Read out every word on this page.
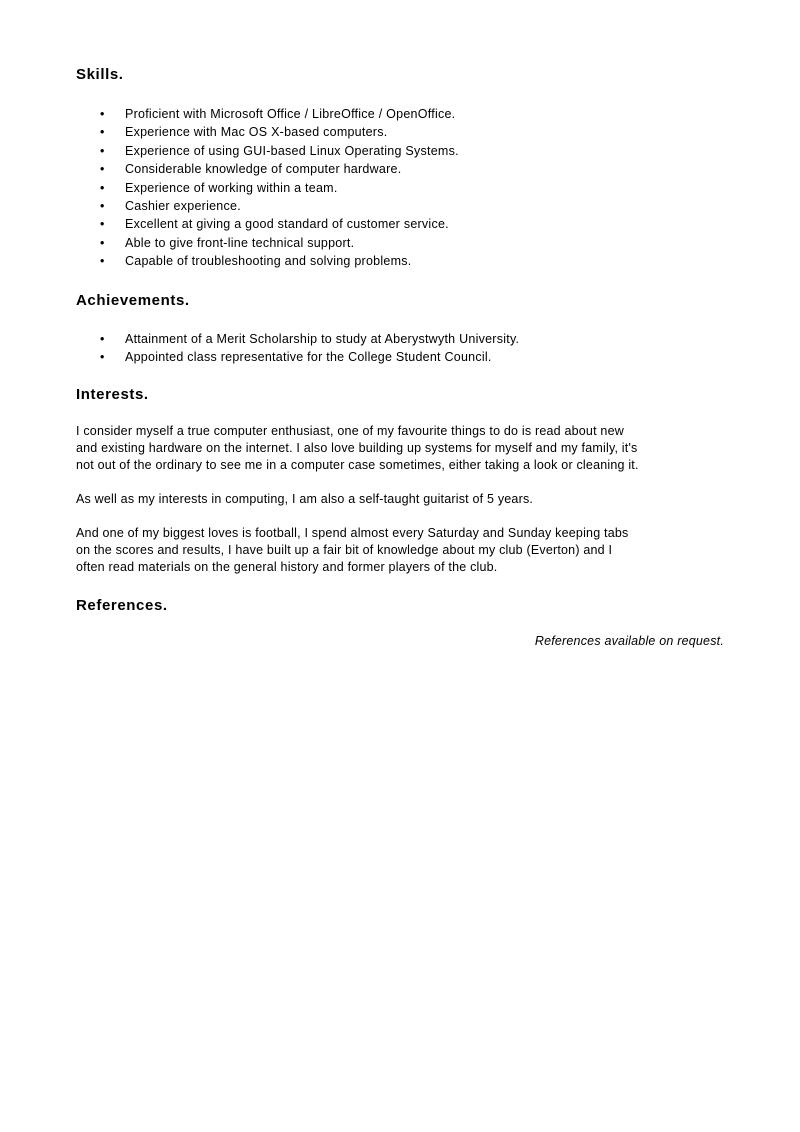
Skills.
• Proficient with Microsoft Office / LibreOffice / OpenOffice.
• Experience with Mac OS X-based computers.
• Experience of using GUI-based Linux Operating Systems.
• Considerable knowledge of computer hardware.
• Experience of working within a team.
• Cashier experience.
• Excellent at giving a good standard of customer service.
• Able to give front-line technical support.
• Capable of troubleshooting and solving problems.
Achievements.
• Attainment of a Merit Scholarship to study at Aberystwyth University.
• Appointed class representative for the College Student Council.
Interests.

I consider myself a true computer enthusiast, one of my favourite things to do is read about new
and existing hardware on the internet. I also love building up systems for myself and my family, it's
not out of the ordinary to see me in a computer case sometimes, either taking a look or cleaning it.

As well as my interests in computing, I am also a self-taught guitarist of 5 years.

And one of my biggest loves is football, I spend almost every Saturday and Sunday keeping tabs
on the scores and results, I have built up a fair bit of knowledge about my club (Everton) and I
often read materials on the general history and former players of the club.

References.

References available on request.
